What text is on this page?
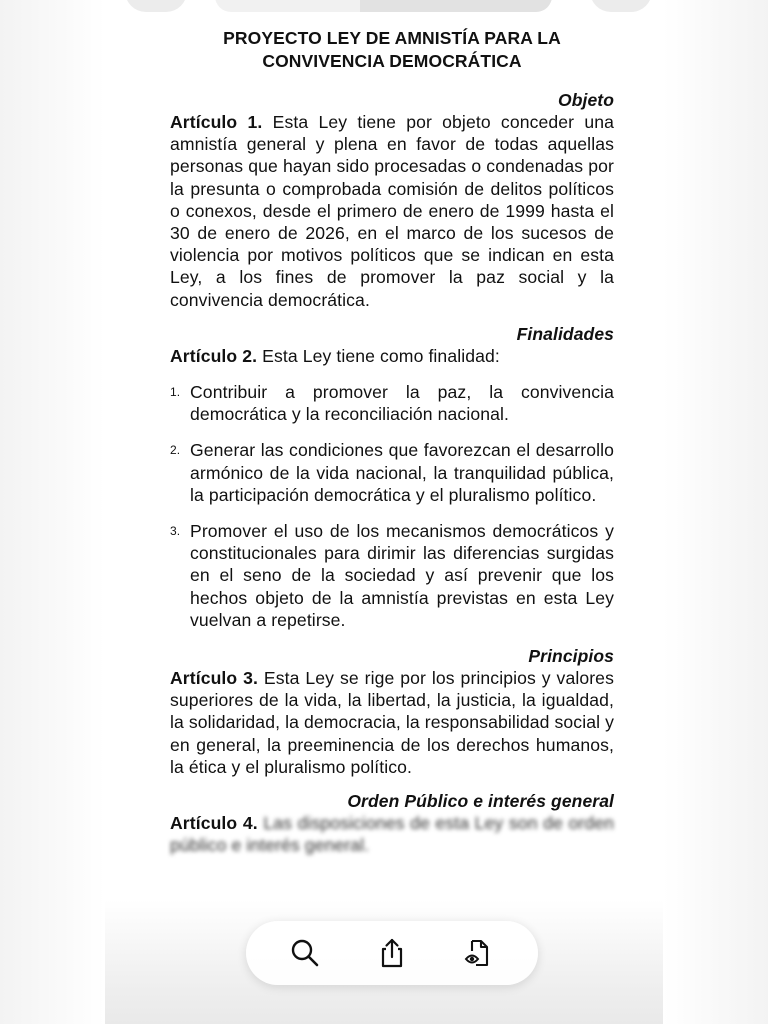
PROYECTO LEY DE AMNISTÍA PARA LA
CONVIVENCIA DEMOCRÁTICA

Objeto

Artículo 1. Esta Ley tiene por objeto conceder una amnistía general y plena en favor de todas aquellas personas que hayan sido procesadas o condenadas por la presunta o comprobada comisión de delitos políticos o conexos, desde el primero de enero de 1999 hasta el 30 de enero de 2026, en el marco de los sucesos de violencia por motivos políticos que se indican en esta Ley, a los fines de promover la paz social y la convivencia democrática.

Finalidades

Artículo 2. Esta Ley tiene como finalidad:

1. Contribuir a promover la paz, la convivencia democrática y la reconciliación nacional.
2. Generar las condiciones que favorezcan el desarrollo armónico de la vida nacional, la tranquilidad pública, la participación democrática y el pluralismo político.
3. Promover el uso de los mecanismos democráticos y constitucionales para dirimir las diferencias surgidas en el seno de la sociedad y así prevenir que los hechos objeto de la amnistía previstas en esta Ley vuelvan a repetirse.

Principios

Artículo 3. Esta Ley se rige por los principios y valores superiores de la vida, la libertad, la justicia, la igualdad, la solidaridad, la democracia, la responsabilidad social y en general, la preeminencia de los derechos humanos, la ética y el pluralismo político.

Orden Público e interés general

Artículo 4. Las disposiciones de esta Ley son de orden público e interés general.
